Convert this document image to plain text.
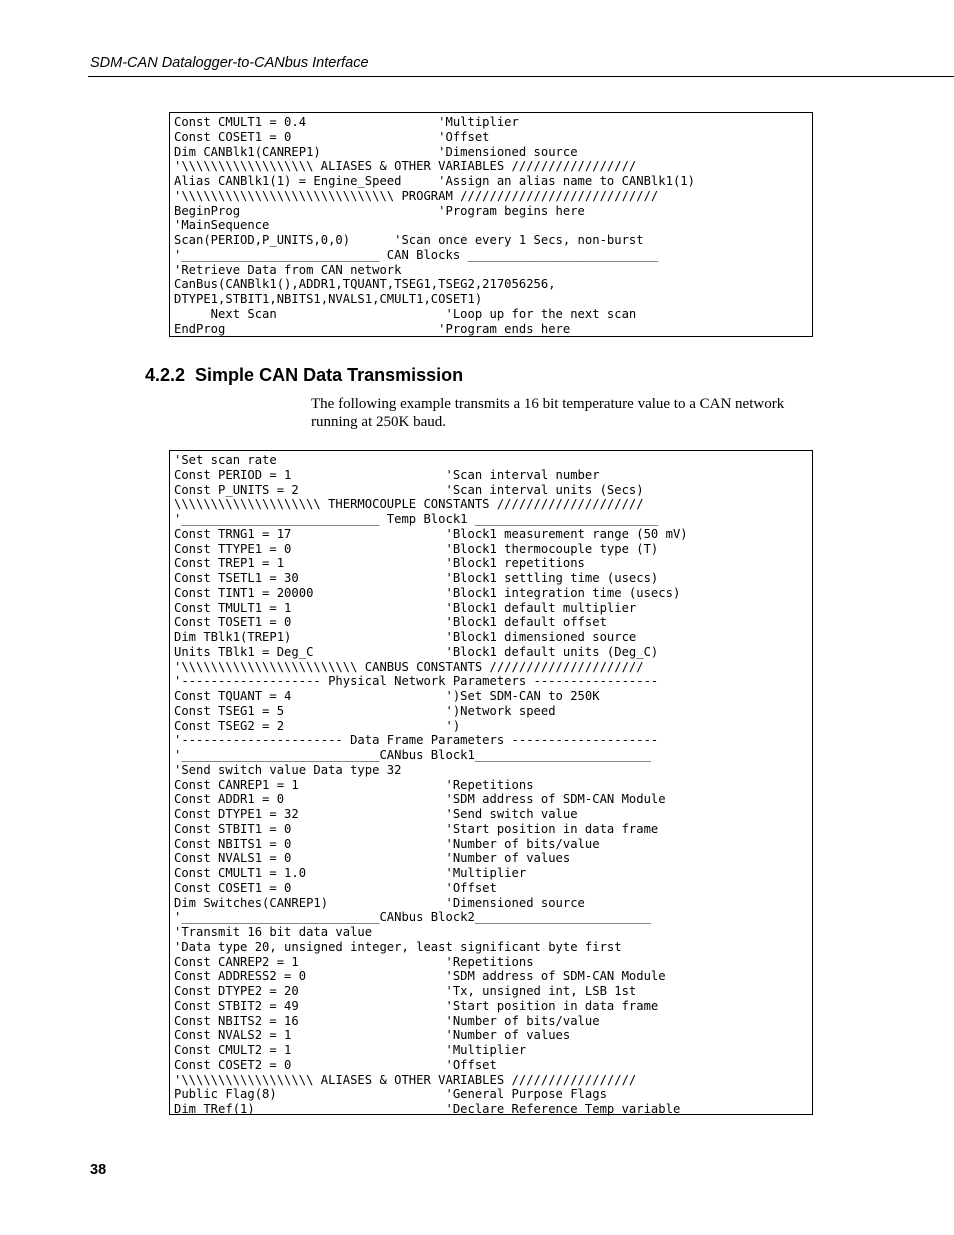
SDM-CAN Datalogger-to-CANbus Interface
Const CMULT1 = 0.4                  'Multiplier
Const COSET1 = 0                    'Offset
Dim CANBlk1(CANREP1)                'Dimensioned source
'\\\\\\\\\\\\\\\\\\ ALIASES & OTHER VARIABLES /////////////////
Alias CANBlk1(1) = Engine_Speed     'Assign an alias name to CANBlk1(1)
'\\\\\\\\\\\\\\\\\\\\\\\\\\\\\ PROGRAM ///////////////////////////
BeginProg                           'Program begins here
'MainSequence
Scan(PERIOD,P_UNITS,0,0)      'Scan once every 1 Secs, non-burst
'___________________________ CAN Blocks __________________________
'Retrieve Data from CAN network
CanBus(CANBlk1(),ADDR1,TQUANT,TSEG1,TSEG2,217056256,
DTYPE1,STBIT1,NBITS1,NVALS1,CMULT1,COSET1)
Next Scan                       'Loop up for the next scan
EndProg                             'Program ends here
4.2.2 Simple CAN Data Transmission
The following example transmits a 16 bit temperature value to a CAN network running at 250K baud.
'Set scan rate
Const PERIOD = 1                     'Scan interval number
Const P_UNITS = 2                    'Scan interval units (Secs)
\\\\\\\\\\\\\\\\\\\\ THERMOCOUPLE CONSTANTS ////////////////////
'___________________________ Temp Block1 _________________________
Const TRNG1 = 17                     'Block1 measurement range (50 mV)
Const TTYPE1 = 0                     'Block1 thermocouple type (T)
Const TREP1 = 1                      'Block1 repetitions
Const TSETL1 = 30                    'Block1 settling time (usecs)
Const TINT1 = 20000                  'Block1 integration time (usecs)
Const TMULT1 = 1                     'Block1 default multiplier
Const TOSET1 = 0                     'Block1 default offset
Dim TBlk1(TREP1)                     'Block1 dimensioned source
Units TBlk1 = Deg_C                  'Block1 default units (Deg_C)
'\\\\\\\\\\\\\\\\\\\\\\\\ CANBUS CONSTANTS /////////////////////
'------------------- Physical Network Parameters -----------------
Const TQUANT = 4                     ')Set SDM-CAN to 250K
Const TSEG1 = 5                      ')Network speed
Const TSEG2 = 2                      ')
'---------------------- Data Frame Parameters --------------------
'___________________________CANbus Block1________________________
'Send switch value Data type 32
Const CANREP1 = 1                    'Repetitions
Const ADDR1 = 0                      'SDM address of SDM-CAN Module
Const DTYPE1 = 32                    'Send switch value
Const STBIT1 = 0                     'Start position in data frame
Const NBITS1 = 0                     'Number of bits/value
Const NVALS1 = 0                     'Number of values
Const CMULT1 = 1.0                   'Multiplier
Const COSET1 = 0                     'Offset
Dim Switches(CANREP1)                'Dimensioned source
'___________________________CANbus Block2________________________
'Transmit 16 bit data value
'Data type 20, unsigned integer, least significant byte first
Const CANREP2 = 1                    'Repetitions
Const ADDRESS2 = 0                   'SDM address of SDM-CAN Module
Const DTYPE2 = 20                    'Tx, unsigned int, LSB 1st
Const STBIT2 = 49                    'Start position in data frame
Const NBITS2 = 16                    'Number of bits/value
Const NVALS2 = 1                     'Number of values
Const CMULT2 = 1                     'Multiplier
Const COSET2 = 0                     'Offset
'\\\\\\\\\\\\\\\\\\ ALIASES & OTHER VARIABLES /////////////////
Public Flag(8)                       'General Purpose Flags
Dim TRef(1)                          'Declare Reference Temp variable
38
